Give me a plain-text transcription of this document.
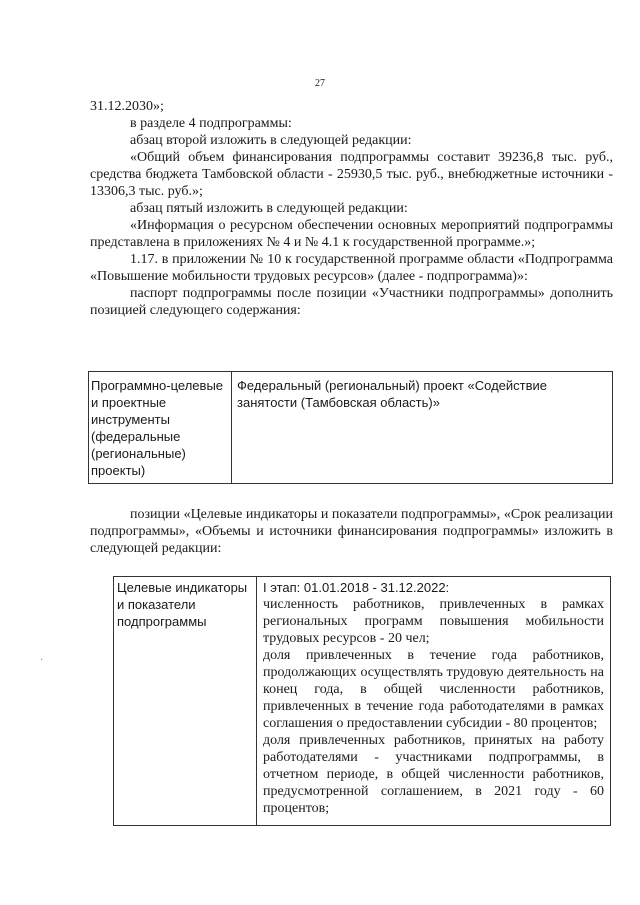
27

31.12.2030»;

в разделе 4 подпрограммы:

абзац второй изложить в следующей редакции:

«Общий объем финансирования подпрограммы составит 39236,8 тыс. руб., средства бюджета Тамбовской области - 25930,5 тыс. руб., внебюджетные источники - 13306,3 тыс. руб.»;

абзац пятый изложить в следующей редакции:

«Информация о ресурсном обеспечении основных мероприятий подпрограммы представлена в приложениях № 4 и № 4.1 к государственной программе.»;

1.17. в приложении № 10 к государственной программе области «Подпрограмма «Повышение мобильности трудовых ресурсов» (далее - подпрограмма)»:

паспорт подпрограммы после позиции «Участники подпрограммы» дополнить позицией следующего содержания:

Программно-целевые и проектные инструменты (федеральные (региональные) проекты)
Федеральный (региональный) проект «Содействие занятости (Тамбовская область)»

позиции «Целевые индикаторы и показатели подпрограммы», «Срок реализации подпрограммы», «Объемы и источники финансирования подпрограммы» изложить в следующей редакции:

Целевые индикаторы и показатели подпрограммы

I этап: 01.01.2018 - 31.12.2022:

численность работников, привлеченных в рамках региональных программ повышения мобильности трудовых ресурсов - 20 чел;

доля привлеченных в течение года работников, продолжающих осуществлять трудовую деятельность на конец года, в общей численности работников, привлеченных в течение года работодателями в рамках соглашения о предоставлении субсидии - 80 процентов;

доля привлеченных работников, принятых на работу работодателями - участниками подпрограммы, в отчетном периоде, в общей численности работников, предусмотренной соглашением, в 2021 году - 60 процентов;

·
